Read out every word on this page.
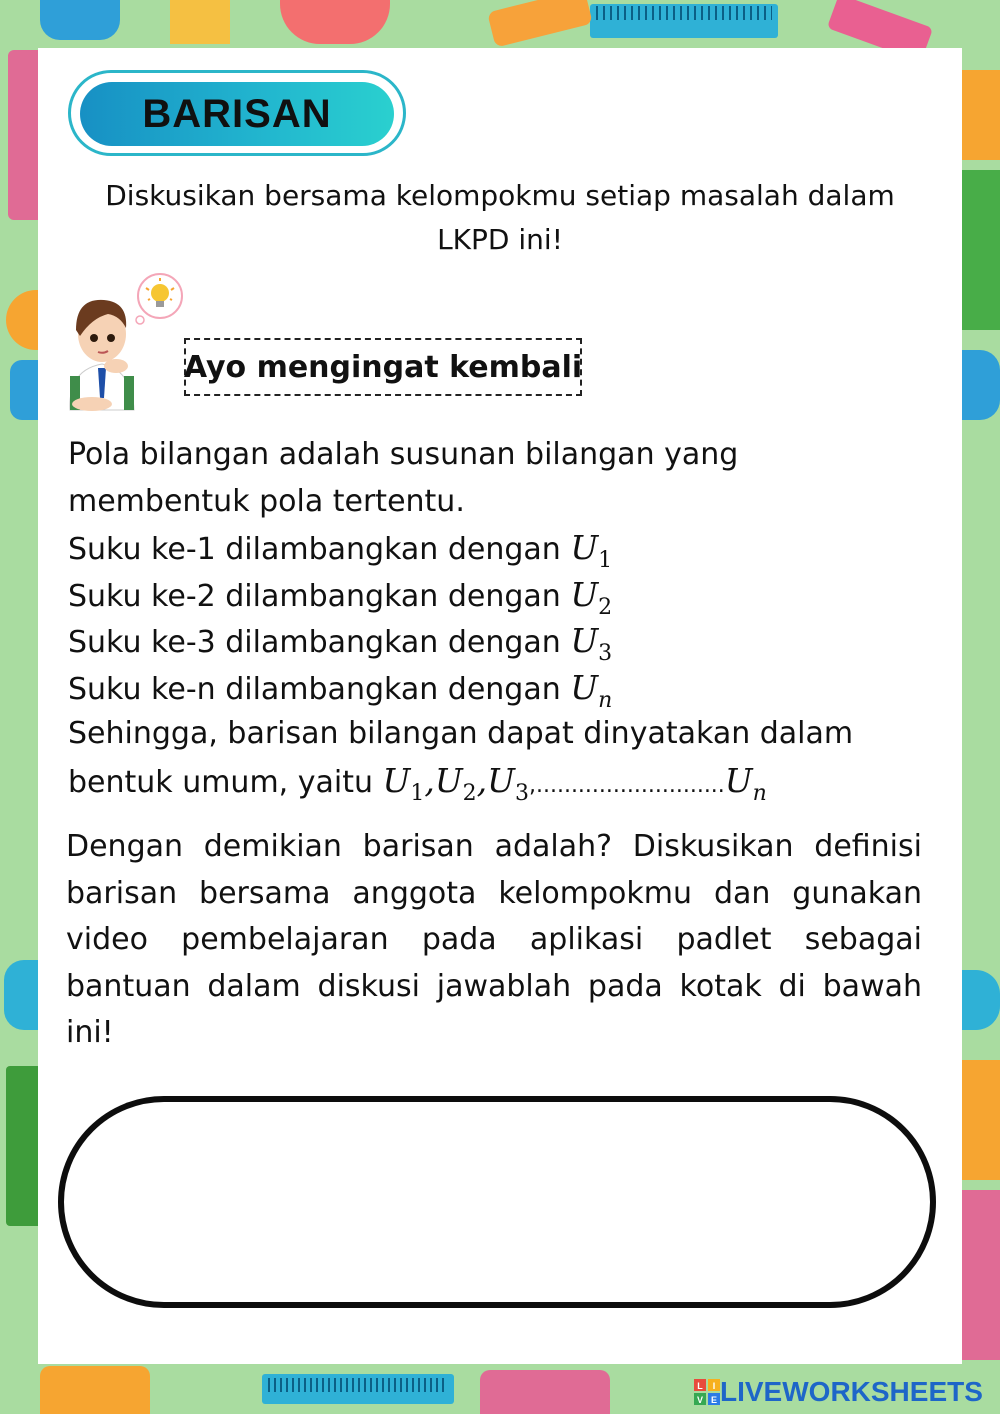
BARISAN
Diskusikan bersama kelompokmu setiap masalah dalam LKPD ini!
Ayo mengingat kembali
Pola bilangan adalah susunan bilangan yang
membentuk pola tertentu.
Suku ke-1 dilambangkan dengan $U_1$
Suku ke-2 dilambangkan dengan $U_2$
Suku ke-3 dilambangkan dengan $U_3$
Suku ke-n dilambangkan dengan $U_n$
Sehingga, barisan bilangan dapat dinyatakan dalam
bentuk umum, yaitu $U_1,U_2,U_3,...........................U_n$
Dengan demikian barisan adalah? Diskusikan definisi barisan bersama anggota kelompokmu dan gunakan video pembelajaran pada aplikasi padlet sebagai bantuan dalam diskusi jawablah pada kotak di bawah ini!
L I
V E LIVEWORKSHEETS
